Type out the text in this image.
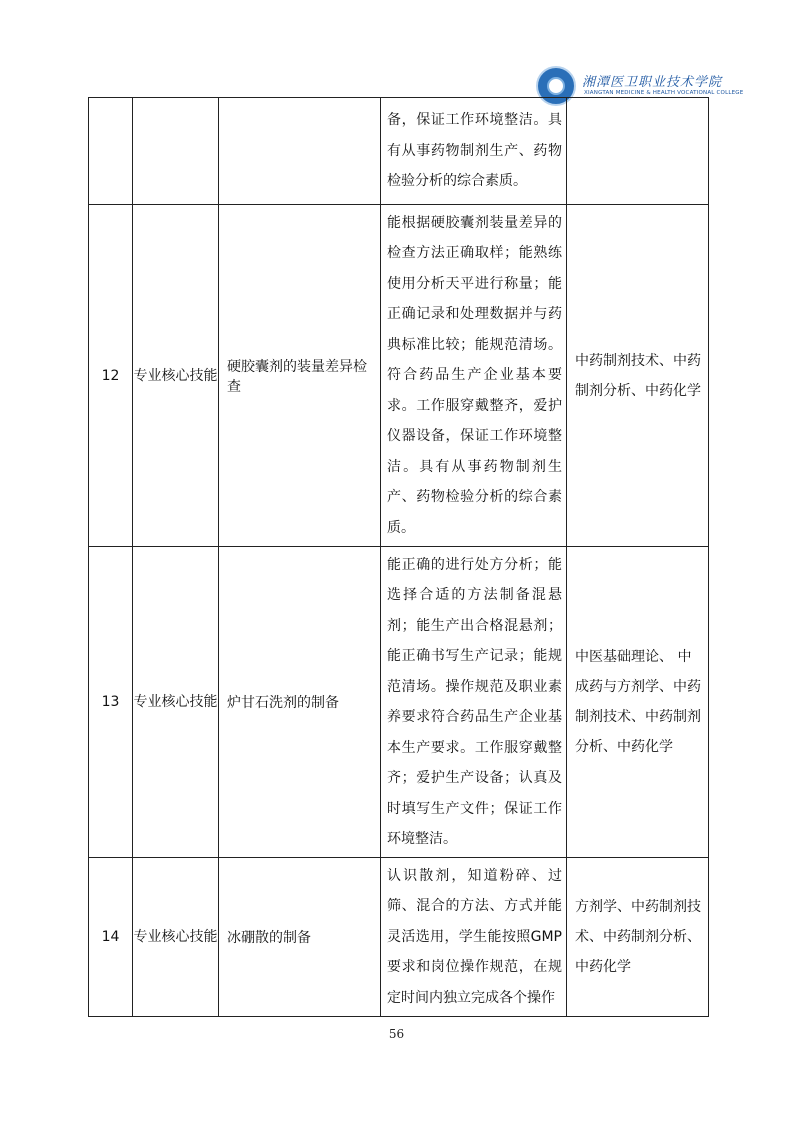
湘潭医卫职业技术学院
XIANGTAN MEDICINE & HEALTH VOCATIONAL COLLEGE
			备，保证工作环境整洁。具有从事药物制剂生产、药物检验分析的综合素质。	
12	专业核心技能	硬胶囊剂的装量差异检查	能根据硬胶囊剂装量差异的检查方法正确取样；能熟练使用分析天平进行称量；能正确记录和处理数据并与药典标准比较；能规范清场。符合药品生产企业基本要求。工作服穿戴整齐，爱护仪器设备，保证工作环境整洁。具有从事药物制剂生产、药物检验分析的综合素质。	中药制剂技术、中药制剂分析、中药化学
13	专业核心技能	炉甘石洗剂的制备	能正确的进行处方分析；能选择合适的方法制备混悬剂；能生产出合格混悬剂；能正确书写生产记录；能规范清场。操作规范及职业素养要求符合药品生产企业基本生产要求。工作服穿戴整齐；爱护生产设备；认真及时填写生产文件；保证工作环境整洁。	中医基础理论、 中成药与方剂学、中药制剂技术、中药制剂分析、中药化学
14	专业核心技能	冰硼散的制备	认识散剂，知道粉碎、过筛、混合的方法、方式并能灵活选用，学生能按照GMP要求和岗位操作规范，在规定时间内独立完成各个操作	方剂学、中药制剂技术、中药制剂分析、中药化学
56
